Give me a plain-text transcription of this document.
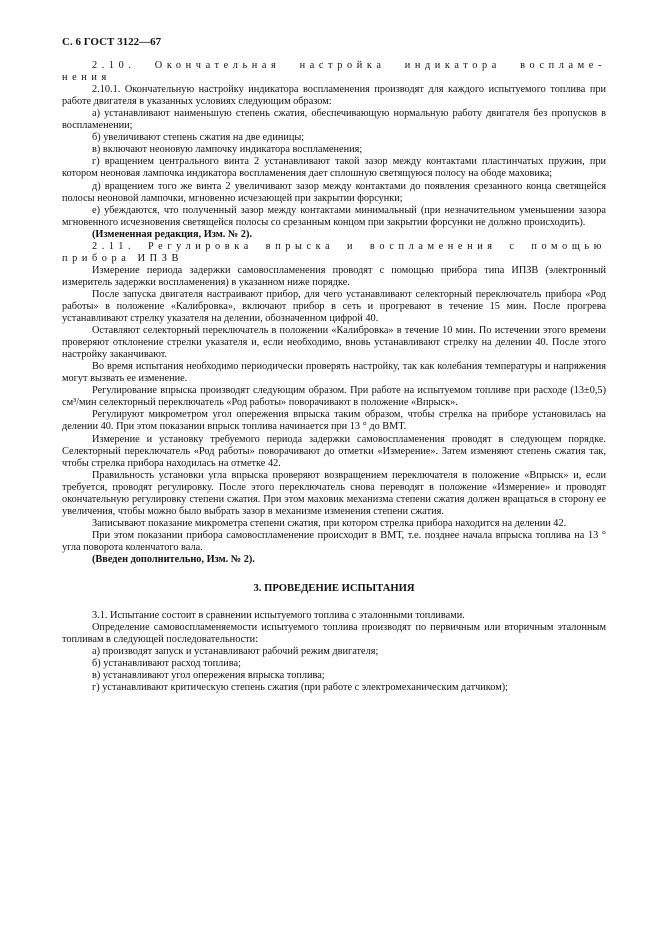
С. 6 ГОСТ 3122—67

2.10. Окончательная настройка индикатора воспламе-нения

2.10.1. Окончательную настройку индикатора воспламенения производят для каждого испытуемого топлива при работе двигателя в указанных условиях следующим образом:

а) устанавливают наименьшую степень сжатия, обеспечивающую нормальную работу двигателя без пропусков в воспламенении;

б) увеличивают степень сжатия на две единицы;

в) включают неоновую лампочку индикатора воспламенения;

г) вращением центрального винта 2 устанавливают такой зазор между контактами пластинчатых пружин, при котором неоновая лампочка индикатора воспламенения дает сплошную светящуюся полосу на ободе маховика;

д) вращением того же винта 2 увеличивают зазор между контактами до появления срезанного конца светящейся полосы неоновой лампочки, мгновенно исчезающей при закрытии форсунки;

е) убеждаются, что полученный зазор между контактами минимальный (при незначительном уменьшении зазора мгновенного исчезновения светящейся полосы со срезанным концом при закрытии форсунки не должно происходить).

(Измененная редакция, Изм. № 2).

2.11. Регулировка впрыска и воспламенения с помощью прибора ИПЗВ

Измерение периода задержки самовоспламенения проводят с помощью прибора типа ИПЗВ (электронный измеритель задержки воспламенения) в указанном ниже порядке.

После запуска двигателя настраивают прибор, для чего устанавливают селекторный переключатель прибора «Род работы» в положение «Калибровка», включают прибор в сеть и прогревают в течение 15 мин. После прогрева устанавливают стрелку указателя на делении, обозначенном цифрой 40.

Оставляют селекторный переключатель в положении «Калибровка» в течение 10 мин. По истечении этого времени проверяют отклонение стрелки указателя и, если необходимо, вновь устанавливают стрелку на делении 40. После этого настройку заканчивают.

Во время испытания необходимо периодически проверять настройку, так как колебания температуры и напряжения могут вызвать ее изменение.

Регулирование впрыска производят следующим образом. При работе на испытуемом топливе при расходе (13±0,5) см³/мин селекторный переключатель «Род работы» поворачивают в положение «Впрыск».

Регулируют микрометром угол опережения впрыска таким образом, чтобы стрелка на приборе установилась на делении 40. При этом показании впрыск топлива начинается при 13 ° до ВМТ.

Измерение и установку требуемого периода задержки самовоспламенения проводят в следующем порядке. Селекторный переключатель «Род работы» поворачивают до отметки «Измерение». Затем изменяют степень сжатия так, чтобы стрелка прибора находилась на отметке 42.

Правильность установки угла впрыска проверяют возвращением переключателя в положение «Впрыск» и, если требуется, проводят регулировку. После этого переключатель снова переводят в положение «Измерение» и проводят окончательную регулировку степени сжатия. При этом маховик механизма степени сжатия должен вращаться в сторону ее увеличения, чтобы можно было выбрать зазор в механизме изменения степени сжатия.

Записывают показание микрометра степени сжатия, при котором стрелка прибора находится на делении 42.

При этом показании прибора самовоспламенение происходит в ВМТ, т.е. позднее начала впрыска топлива на 13 ° угла поворота коленчатого вала.

(Введен дополнительно, Изм. № 2).

3. ПРОВЕДЕНИЕ ИСПЫТАНИЯ

3.1. Испытание состоит в сравнении испытуемого топлива с эталонными топливами.

Определение самовоспламеняемости испытуемого топлива производят по первичным или вторичным эталонным топливам в следующей последовательности:

а) производят запуск и устанавливают рабочий режим двигателя;

б) устанавливают расход топлива;

в) устанавливают угол опережения впрыска топлива;

г) устанавливают критическую степень сжатия (при работе с электромеханическим датчиком);
